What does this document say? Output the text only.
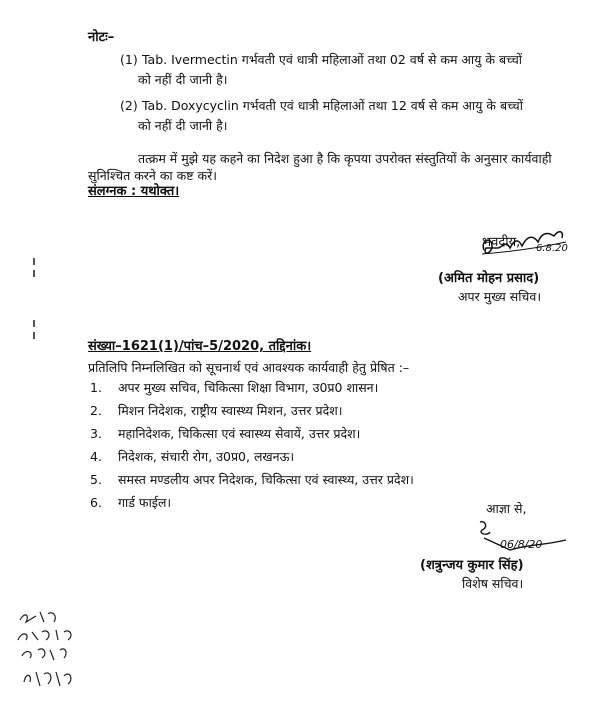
नोटः–
(1) Tab. Ivermectin गर्भवती एवं धात्री महिलाओं तथा 02 वर्ष से कम आयु के बच्चों
को नहीं दी जानी है।
(2) Tab. Doxycyclin गर्भवती एवं धात्री महिलाओं तथा 12 वर्ष से कम आयु के बच्चों
को नहीं दी जानी है।
तत्क्रम में मुझे यह कहने का निदेश हुआ है कि कृपया उपरोक्त संस्तुतियों के अनुसार कार्यवाही सुनिश्चित करने का कष्ट करें।
संलग्नक : यथोक्त।
भवदीय, 6.8.20
(अमित मोहन प्रसाद)
अपर मुख्य सचिव।
संख्या–1621(1)/पांच–5/2020, तद्दिनांक।
प्रतिलिपि निम्नलिखित को सूचनार्थ एवं आवश्यक कार्यवाही हेतु प्रेषित :–
1. अपर मुख्य सचिव, चिकित्सा शिक्षा विभाग, उ0प्र0 शासन।
2. मिशन निदेशक, राष्ट्रीय स्वास्थ्य मिशन, उत्तर प्रदेश।
3. महानिदेशक, चिकित्सा एवं स्वास्थ्य सेवायें, उत्तर प्रदेश।
4. निदेशक, संचारी रोग, उ0प्र0, लखनऊ।
5. समस्त मण्डलीय अपर निदेशक, चिकित्सा एवं स्वास्थ्य, उत्तर प्रदेश।
6. गार्ड फाईल।	आज्ञा से,
06/8/20
(शत्रुन्जय कुमार सिंह)
विशेष सचिव।
